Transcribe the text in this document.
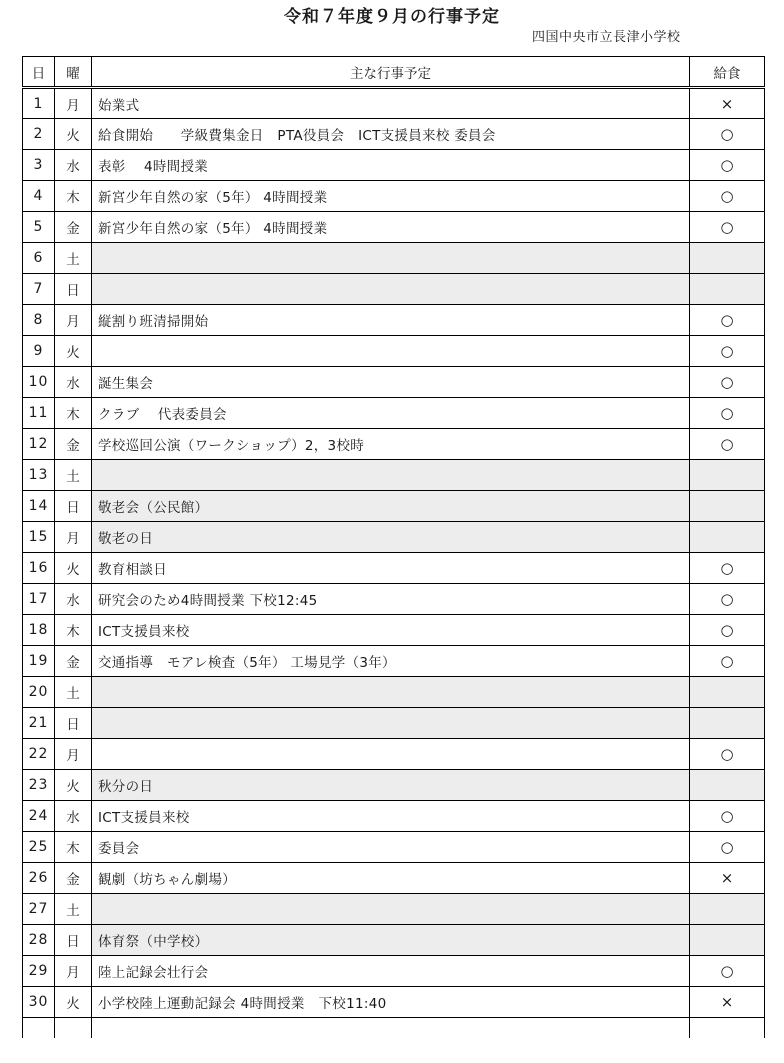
令和７年度９月の行事予定

四国中央市立長津小学校

日	曜	主な行事予定	給食
1	月	始業式	×
2	火	給食開始　　学級費集金日　PTA役員会　ICT支援員来校 委員会	○
3	水	表彰　 4時間授業	○
4	木	新宮少年自然の家（5年） 4時間授業	○
5	金	新宮少年自然の家（5年） 4時間授業	○
6	土		
7	日		
8	月	縦割り班清掃開始	○
9	火		○
10	水	誕生集会	○
11	木	クラブ　 代表委員会	○
12	金	学校巡回公演（ワークショップ）2，3校時	○
13	土		
14	日	敬老会（公民館）	
15	月	敬老の日	
16	火	教育相談日	○
17	水	研究会のため4時間授業 下校12:45	○
18	木	ICT支援員来校	○
19	金	交通指導　モアレ検査（5年） 工場見学（3年）	○
20	土		
21	日		
22	月		○
23	火	秋分の日	
24	水	ICT支援員来校	○
25	木	委員会	○
26	金	観劇（坊ちゃん劇場）	×
27	土		
28	日	体育祭（中学校）	
29	月	陸上記録会壮行会	○
30	火	小学校陸上運動記録会 4時間授業　下校11:40	×
